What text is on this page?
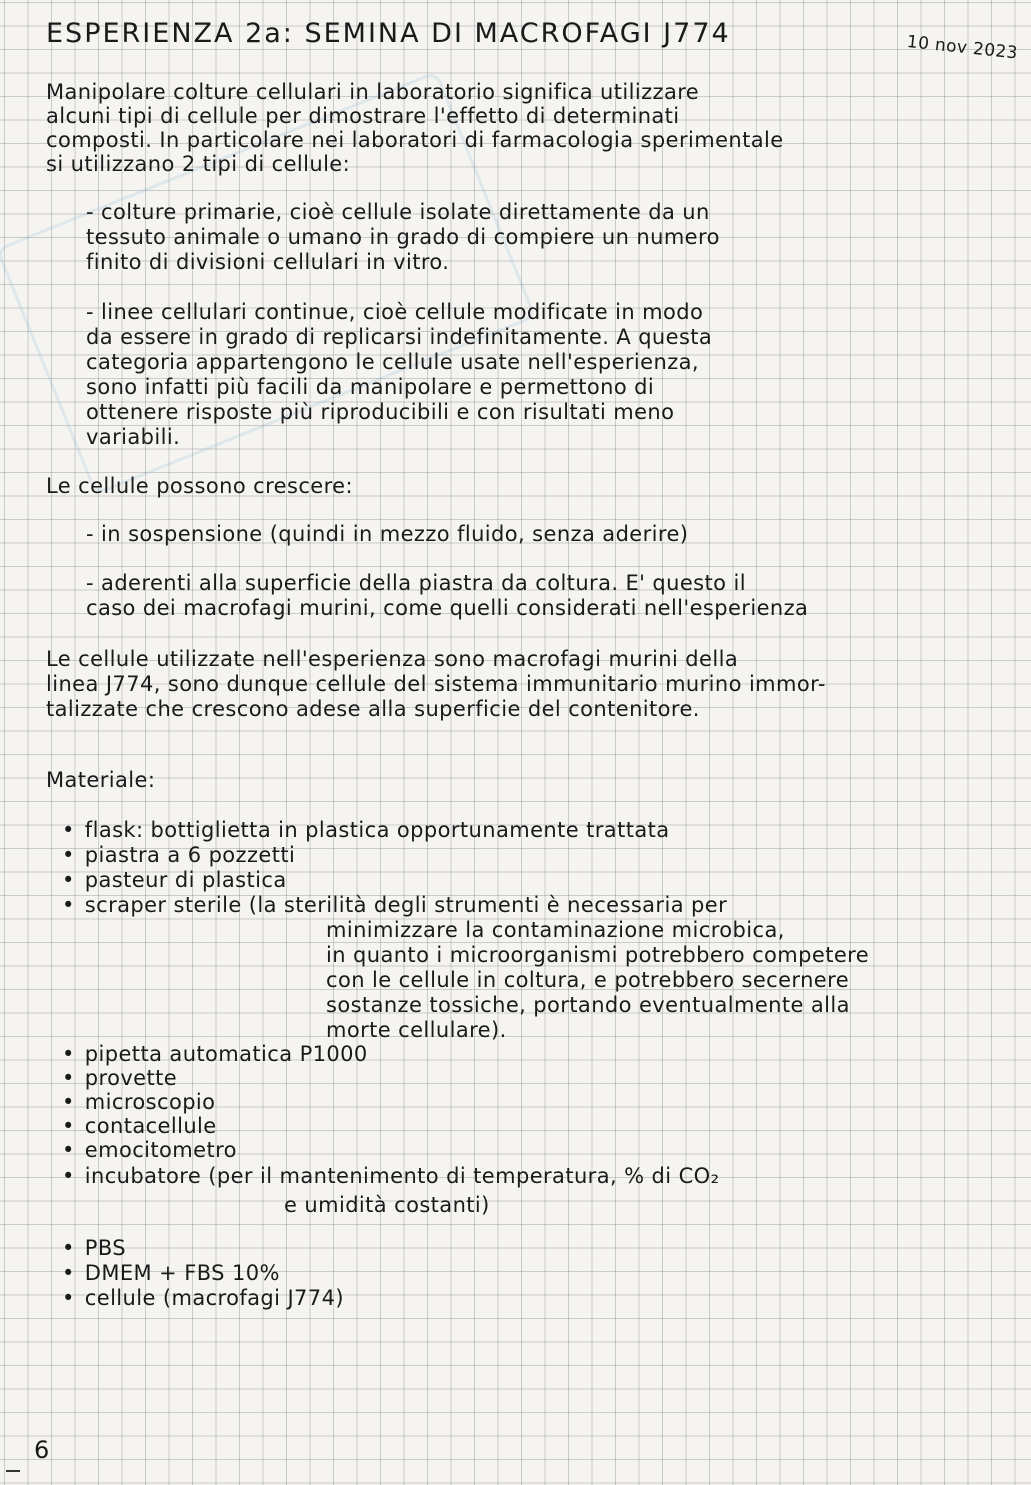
ESPERIENZA 2a: SEMINA DI MACROFAGI J774	10 nov 2023
Manipolare colture cellulari in laboratorio significa utilizzare
alcuni tipi di cellule per dimostrare l'effetto di determinati
composti. In particolare nei laboratori di farmacologia sperimentale
si utilizzano 2 tipi di cellule:
- colture primarie, cioè cellule isolate direttamente da un
tessuto animale o umano in grado di compiere un numero
finito di divisioni cellulari in vitro.
- linee cellulari continue, cioè cellule modificate in modo
da essere in grado di replicarsi indefinitamente. A questa
categoria appartengono le cellule usate nell'esperienza,
sono infatti più facili da manipolare e permettono di
ottenere risposte più riproducibili e con risultati meno
variabili.
Le cellule possono crescere:
- in sospensione (quindi in mezzo fluido, senza aderire)
- aderenti alla superficie della piastra da coltura. E' questo il
caso dei macrofagi murini, come quelli considerati nell'esperienza
Le cellule utilizzate nell'esperienza sono macrofagi murini della
linea J774, sono dunque cellule del sistema immunitario murino immor-
talizzate che crescono adese alla superficie del contenitore.
Materiale:
• flask: bottiglietta in plastica opportunamente trattata
• piastra a 6 pozzetti
• pasteur di plastica
• scraper sterile (la sterilità degli strumenti è necessaria per
minimizzare la contaminazione microbica,
in quanto i microorganismi potrebbero competere
con le cellule in coltura, e potrebbero secernere
sostanze tossiche, portando eventualmente alla
morte cellulare).
• pipetta automatica P1000
• provette
• microscopio
• contacellule
• emocitometro
• incubatore (per il mantenimento di temperatura, % di CO₂
e umidità costanti)
• PBS
• DMEM + FBS 10%
• cellule (macrofagi J774)
6
